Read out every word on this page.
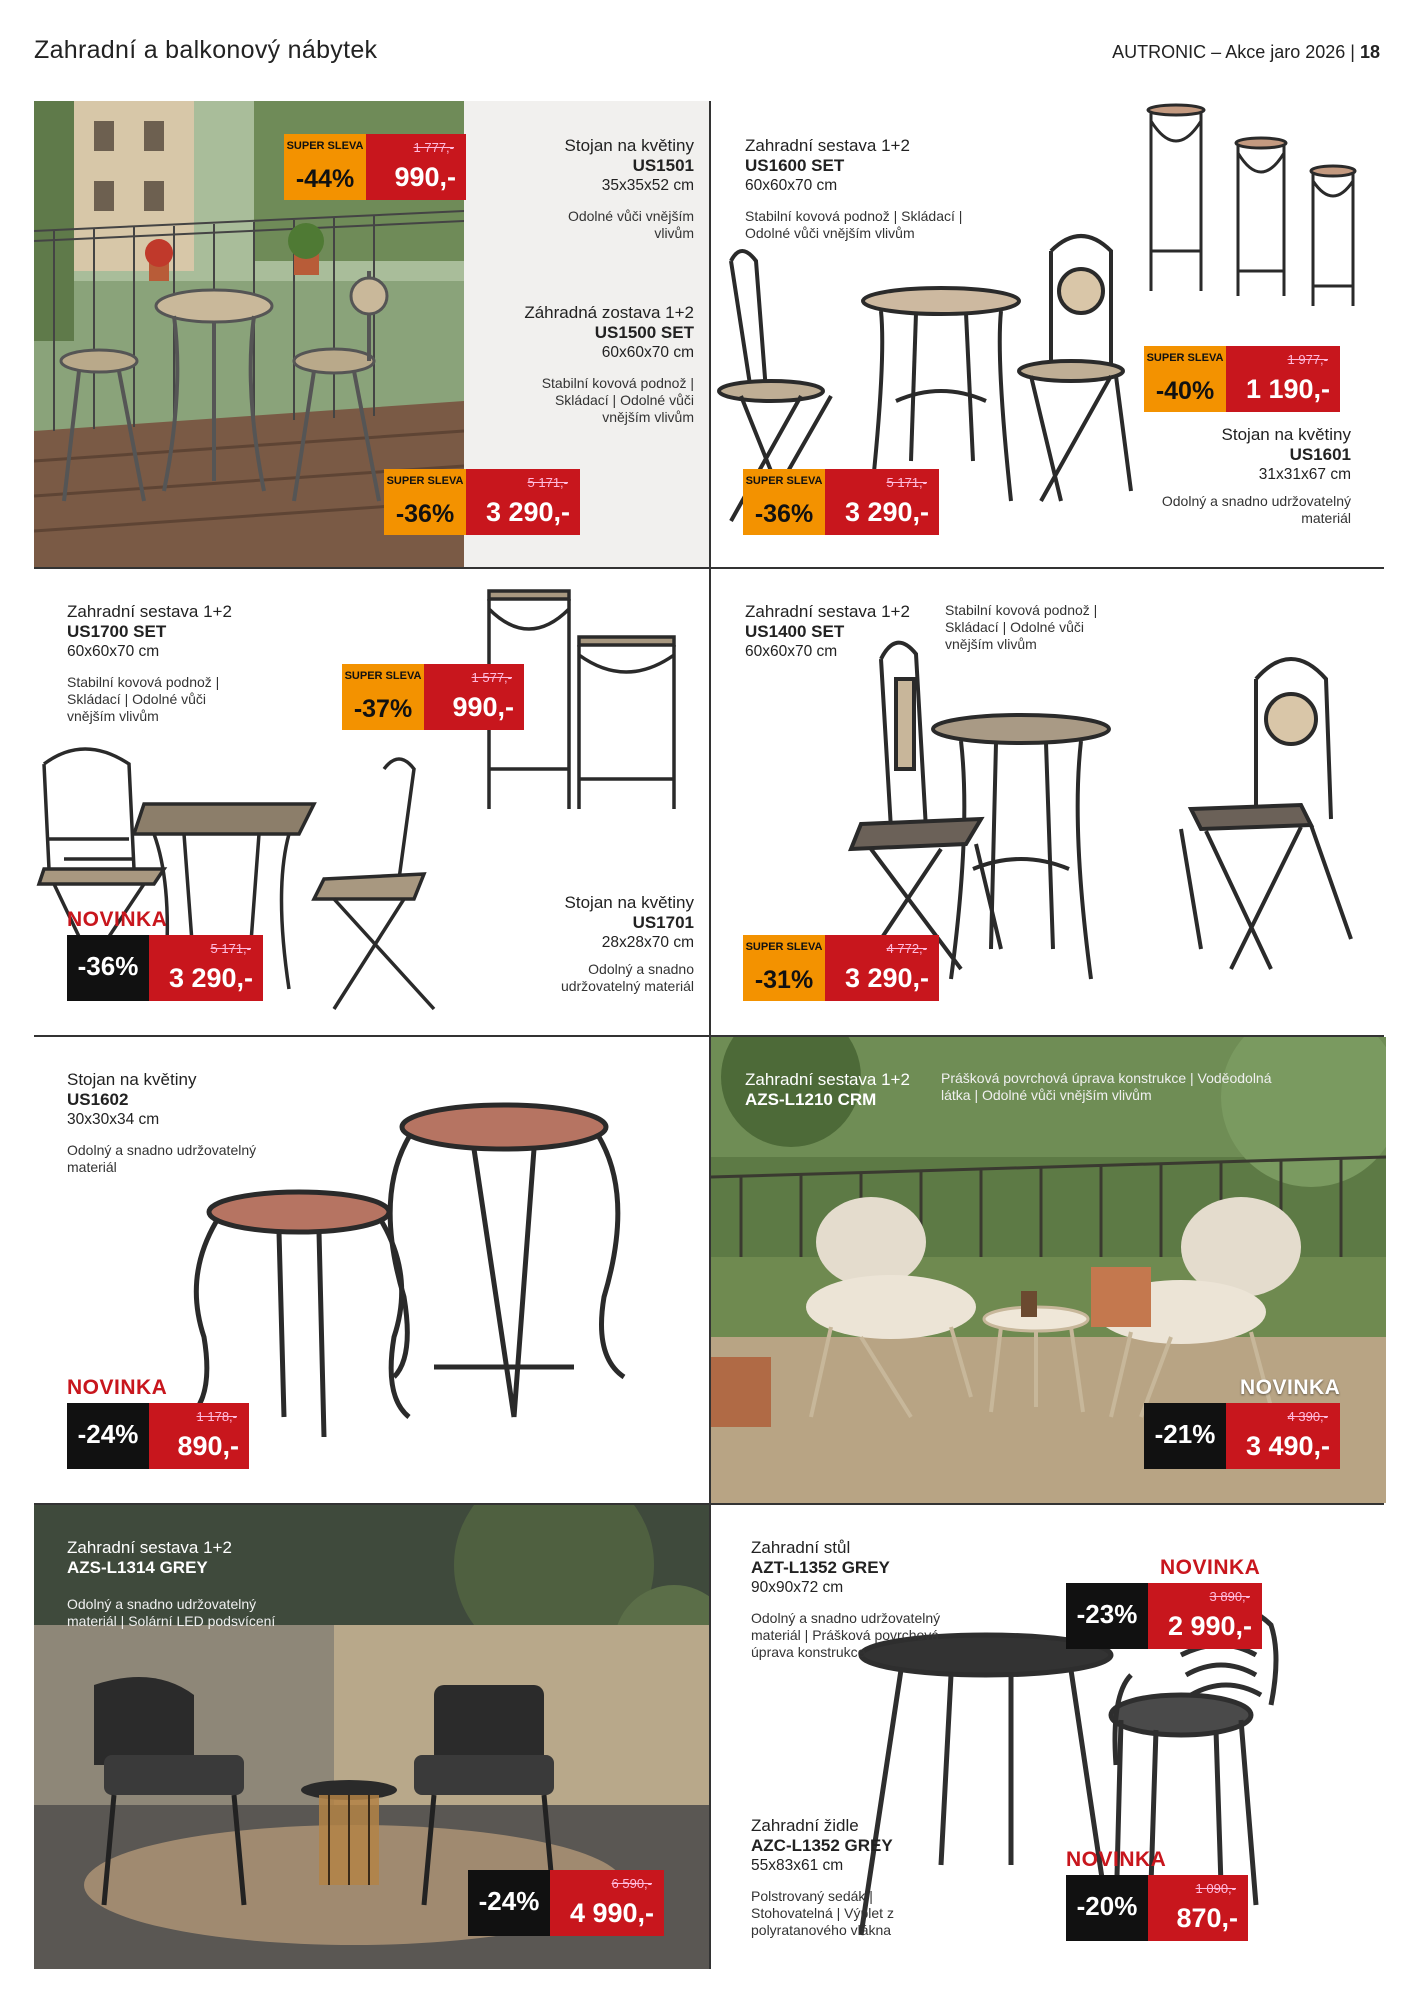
Zahradní a balkonový nábytek	AUTRONIC – Akce jaro 2026 | 18
Stojan na květiny
US1501
35x35x52 cm
Odolné vůči vnějším vlivům
SUPER SLEVA
-44%
1 777,-
990,-
Záhradná zostava 1+2
US1500 SET
60x60x70 cm
Stabilní kovová podnož | Skládací | Odolné vůči vnějším vlivům
SUPER SLEVA
-36%
5 171,-
3 290,-
Zahradní sestava 1+2
US1600 SET
60x60x70 cm
Stabilní kovová podnož | Skládací | Odolné vůči vnějším vlivům
SUPER SLEVA
-36%
5 171,-
3 290,-
SUPER SLEVA
-40%
1 977,-
1 190,-
Stojan na květiny
US1601
31x31x67 cm
Odolný a snadno udržovatelný materiál
Zahradní sestava 1+2
US1700 SET
60x60x70 cm
Stabilní kovová podnož | Skládací | Odolné vůči vnějším vlivům
SUPER SLEVA
-37%
1 577,-
990,-
NOVINKA
-36%
5 171,-
3 290,-
Stojan na květiny
US1701
28x28x70 cm
Odolný a snadno udržovatelný materiál
Zahradní sestava 1+2
US1400 SET
60x60x70 cm
Stabilní kovová podnož | Skládací | Odolné vůči vnějším vlivům
SUPER SLEVA
-31%
4 772,-
3 290,-
Stojan na květiny
US1602
30x30x34 cm
Odolný a snadno udržovatelný materiál
NOVINKA
-24%
1 178,-
890,-
Zahradní sestava 1+2
AZS-L1210 CRM
Prášková povrchová úprava konstrukce | Voděodolná látka | Odolné vůči vnějším vlivům
NOVINKA
-21%
4 390,-
3 490,-
Zahradní sestava 1+2
AZS-L1314 GREY
Odolný a snadno udržovatelný materiál | Solární LED podsvícení
-24%
6 590,-
4 990,-
Zahradní stůl
AZT-L1352 GREY
90x90x72 cm
Odolný a snadno udržovatelný materiál | Prášková povrchová úprava konstrukce
NOVINKA
-23%
3 890,-
2 990,-
Zahradní židle
AZC-L1352 GREY
55x83x61 cm
Polstrovaný sedák | Stohovatelná | Výplet z polyratanového vlákna
NOVINKA
-20%
1 090,-
870,-
